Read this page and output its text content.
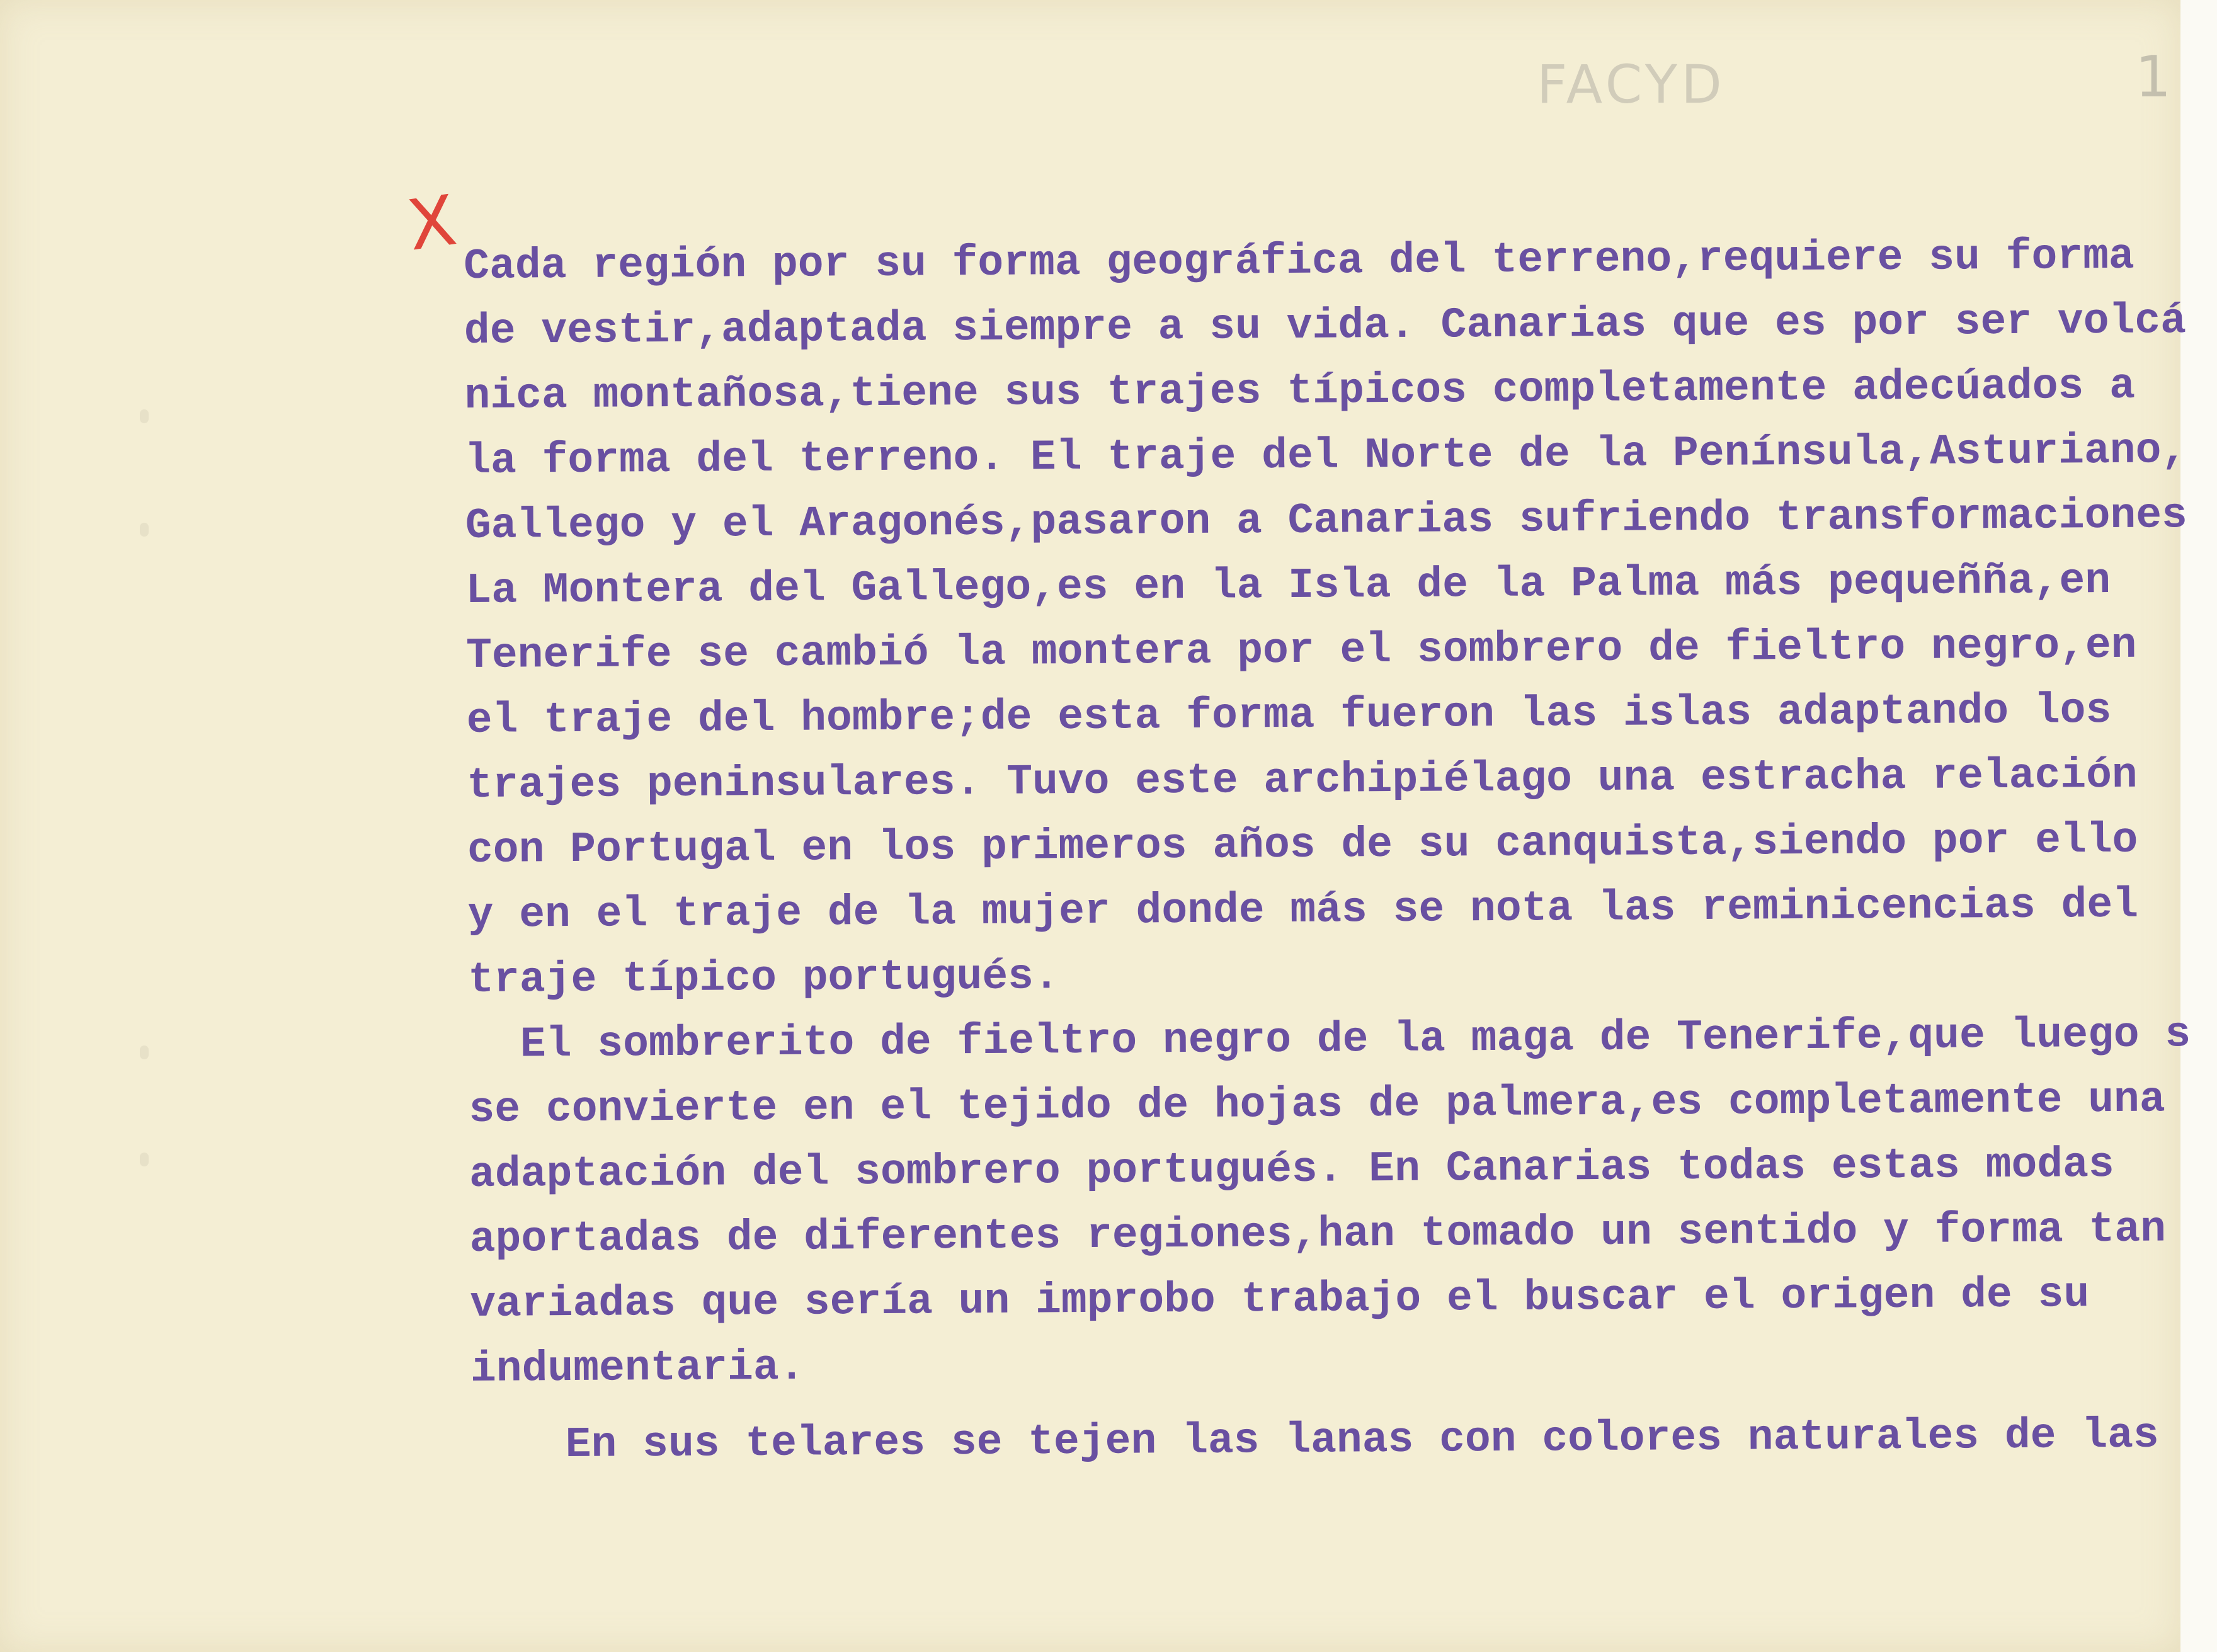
FACYD	1
X Cada región por su forma geográfica del terreno,requiere su forma
de vestir,adaptada siempre a su vida. Canarias que es por ser volcá
nica montañosa,tiene sus trajes típicos completamente adecúados a
la forma del terreno. El traje del Norte de la Península,Asturiano,
Gallego y el Aragonés,pasaron a Canarias sufriendo transformaciones
La Montera del Gallego,es en la Isla de la Palma más pequeñña,en
Tenerife se cambió la montera por el sombrero de fieltro negro,en
el traje del hombre;de esta forma fueron las islas adaptando los
trajes peninsulares. Tuvo este archipiélago una estracha relación
con Portugal en los primeros años de su canquista,siendo por ello
y en el traje de la mujer donde más se nota las reminicencias del
traje típico portugués.
El sombrerito de fieltro negro de la maga de Tenerife,que luego s
se convierte en el tejido de hojas de palmera,es completamente una
adaptación del sombrero portugués. En Canarias todas estas modas
aportadas de diferentes regiones,han tomado un sentido y forma tan
variadas que sería un improbo trabajo el buscar el origen de su
indumentaria.
En sus telares se tejen las lanas con colores naturales de las
